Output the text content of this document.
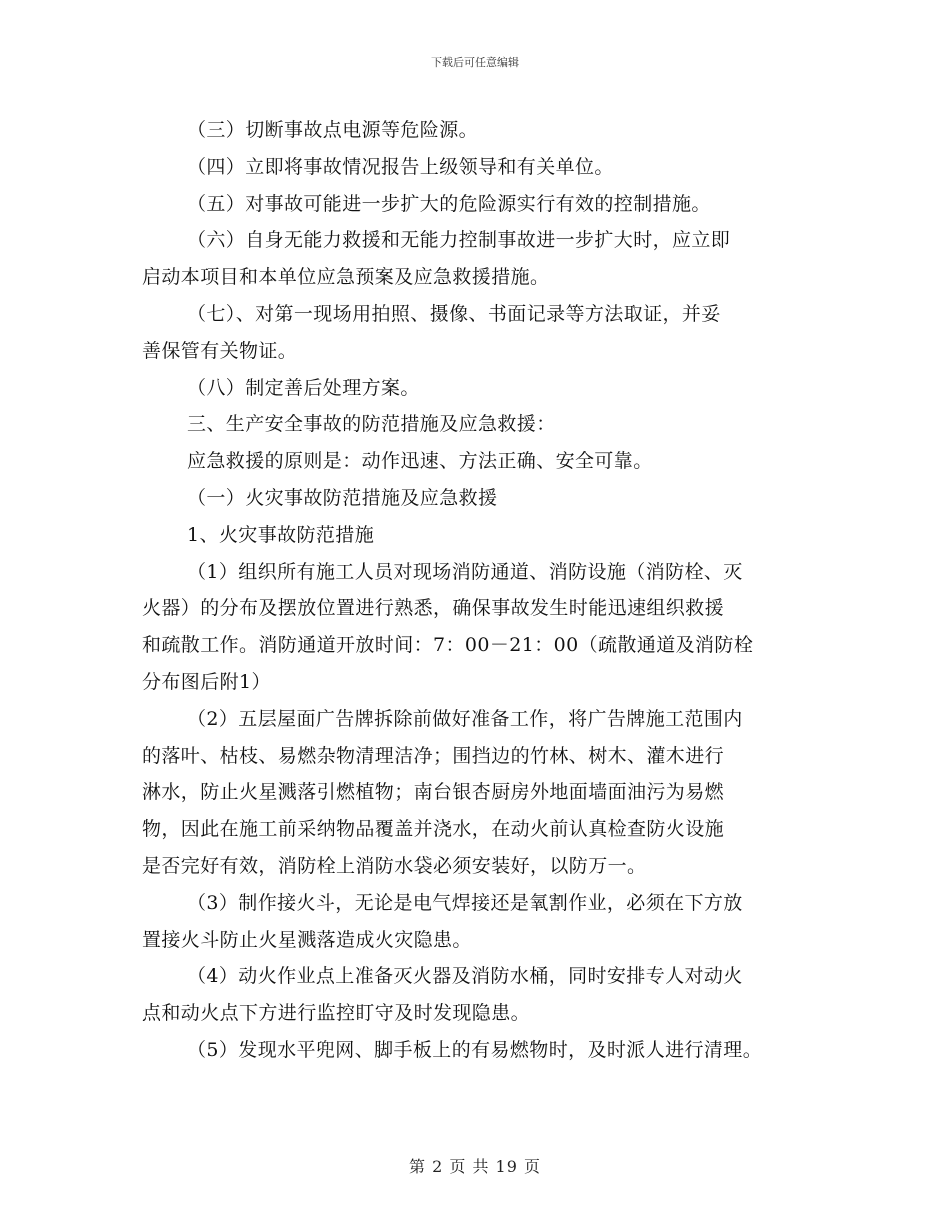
下载后可任意编辑
（三）切断事故点电源等危险源。
（四）立即将事故情况报告上级领导和有关单位。
（五）对事故可能进一步扩大的危险源实行有效的控制措施。
（六）自身无能力救援和无能力控制事故进一步扩大时，应立即
启动本项目和本单位应急预案及应急救援措施。
（七）、对第一现场用拍照、摄像、书面记录等方法取证，并妥
善保管有关物证。
（八）制定善后处理方案。
三、生产安全事故的防范措施及应急救援：
应急救援的原则是：动作迅速、方法正确、安全可靠。
（一）火灾事故防范措施及应急救援
1、火灾事故防范措施
（1）组织所有施工人员对现场消防通道、消防设施（消防栓、灭
火器）的分布及摆放位置进行熟悉，确保事故发生时能迅速组织救援
和疏散工作。消防通道开放时间：7：00－21：00（疏散通道及消防栓
分布图后附1）
（2）五层屋面广告牌拆除前做好准备工作，将广告牌施工范围内
的落叶、枯枝、易燃杂物清理洁净；围挡边的竹林、树木、灌木进行
淋水，防止火星溅落引燃植物；南台银杏厨房外地面墙面油污为易燃
物，因此在施工前采纳物品覆盖并浇水，在动火前认真检查防火设施
是否完好有效，消防栓上消防水袋必须安装好，以防万一。
（3）制作接火斗，无论是电气焊接还是氧割作业，必须在下方放
置接火斗防止火星溅落造成火灾隐患。
（4）动火作业点上准备灭火器及消防水桶，同时安排专人对动火
点和动火点下方进行监控盯守及时发现隐患。
（5）发现水平兜网、脚手板上的有易燃物时，及时派人进行清理。
第 2 页 共 19 页
